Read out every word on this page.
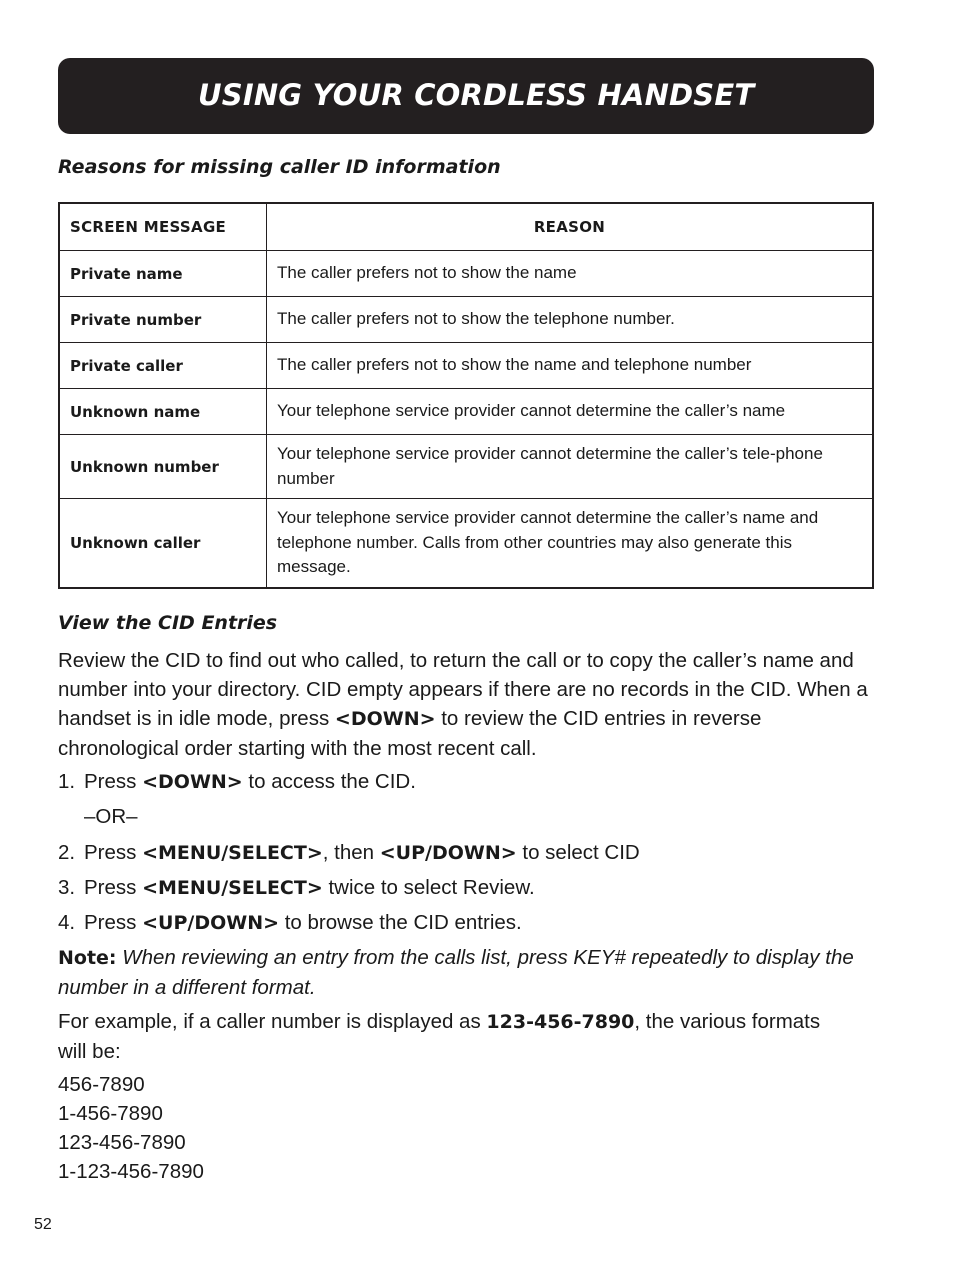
USING YOUR CORDLESS HANDSET
Reasons for missing caller ID information
SCREEN MESSAGE	REASON
Private name	The caller prefers not to show the name
Private number	The caller prefers not to show the telephone number.
Private caller	The caller prefers not to show the name and telephone number
Unknown name	Your telephone service provider cannot determine the caller’s name
Unknown number	Your telephone service provider cannot determine the caller’s tele-phone number
Unknown caller	Your telephone service provider cannot determine the caller’s name and telephone number. Calls from other countries may also generate this message.
View the CID Entries
Review the CID to find out who called, to return the call or to copy the caller’s name and number into your directory. CID empty appears if there are no records in the CID. When a handset is in idle mode, press <DOWN> to review the CID entries in reverse chronological order starting with the most recent call.
1. Press <DOWN> to access the CID.
–OR–
2. Press <MENU/SELECT>, then <UP/DOWN> to select CID
3. Press <MENU/SELECT> twice to select Review.
4. Press <UP/DOWN> to browse the CID entries.
Note: When reviewing an entry from the calls list, press KEY# repeatedly to display the number in a different format.
For example, if a caller number is displayed as 123-456-7890, the various formats will be:
456-7890
1-456-7890
123-456-7890
1-123-456-7890
52
